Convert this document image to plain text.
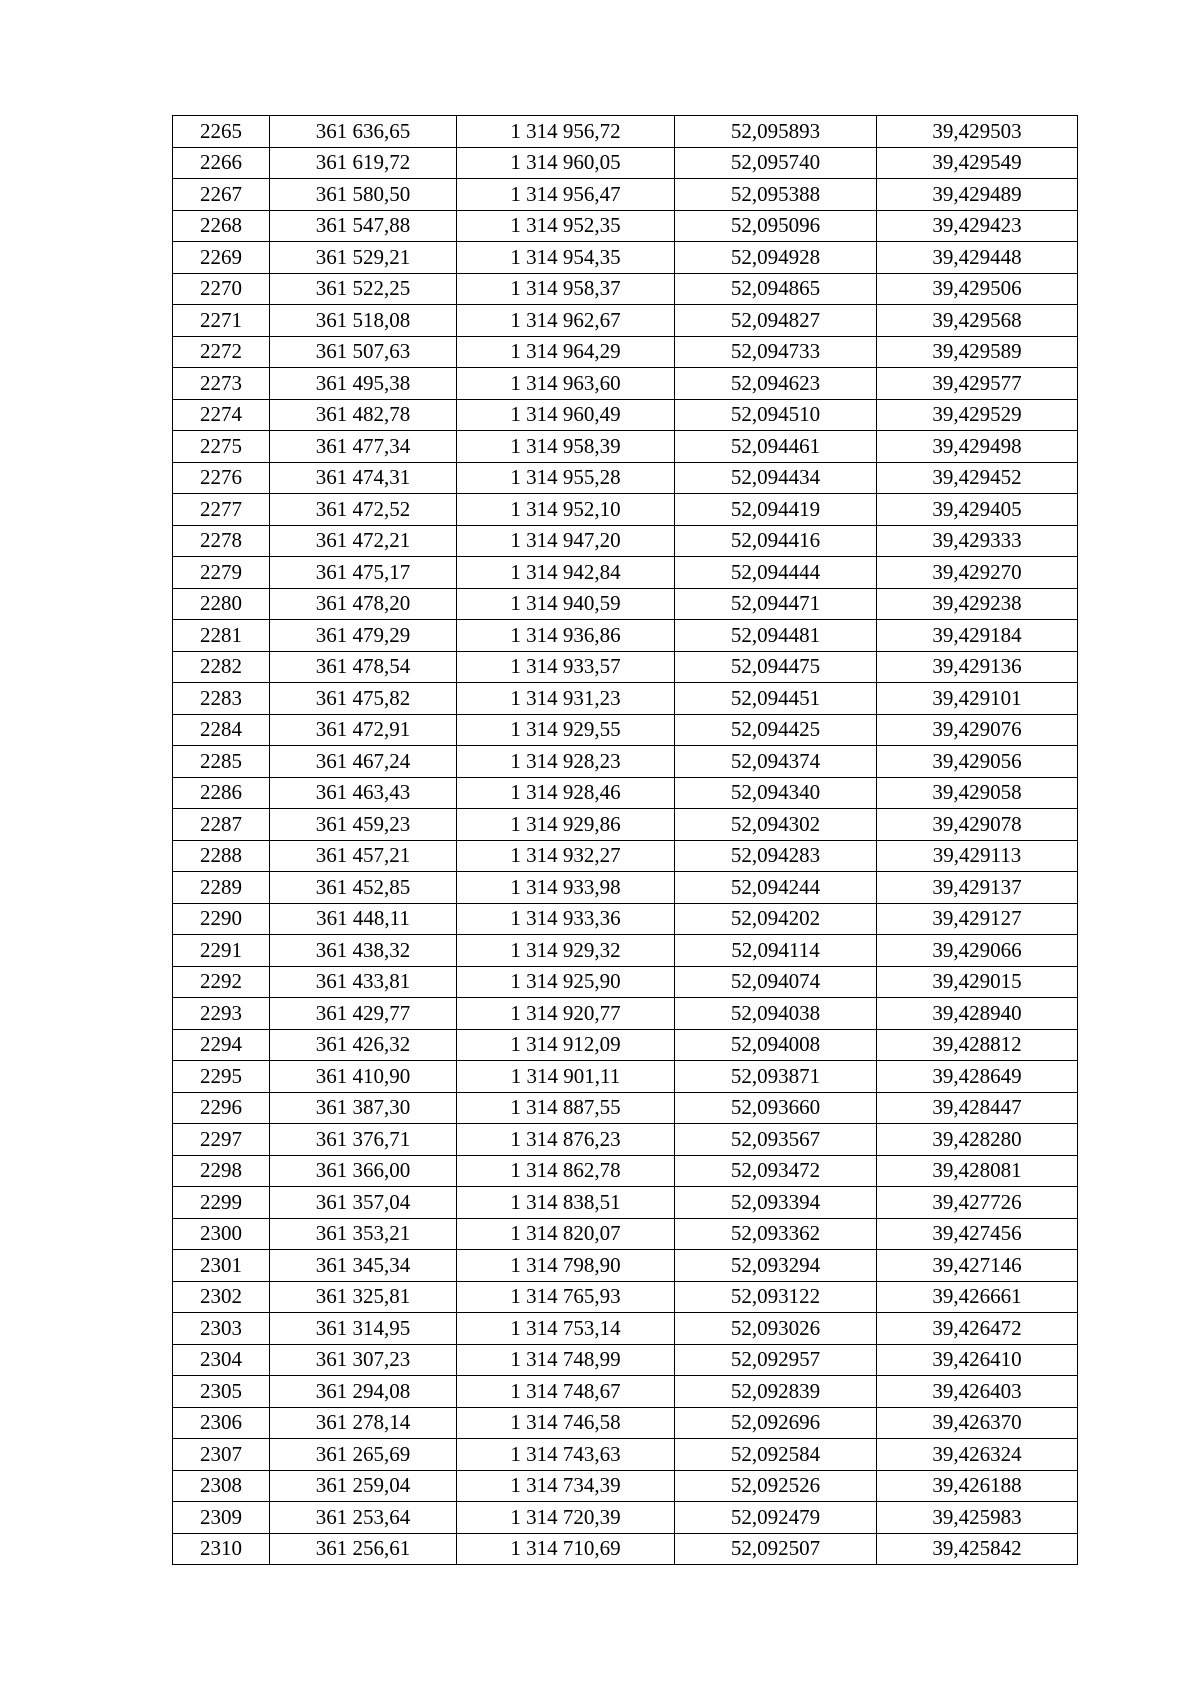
2265	361 636,65	1 314 956,72	52,095893	39,429503
2266	361 619,72	1 314 960,05	52,095740	39,429549
2267	361 580,50	1 314 956,47	52,095388	39,429489
2268	361 547,88	1 314 952,35	52,095096	39,429423
2269	361 529,21	1 314 954,35	52,094928	39,429448
2270	361 522,25	1 314 958,37	52,094865	39,429506
2271	361 518,08	1 314 962,67	52,094827	39,429568
2272	361 507,63	1 314 964,29	52,094733	39,429589
2273	361 495,38	1 314 963,60	52,094623	39,429577
2274	361 482,78	1 314 960,49	52,094510	39,429529
2275	361 477,34	1 314 958,39	52,094461	39,429498
2276	361 474,31	1 314 955,28	52,094434	39,429452
2277	361 472,52	1 314 952,10	52,094419	39,429405
2278	361 472,21	1 314 947,20	52,094416	39,429333
2279	361 475,17	1 314 942,84	52,094444	39,429270
2280	361 478,20	1 314 940,59	52,094471	39,429238
2281	361 479,29	1 314 936,86	52,094481	39,429184
2282	361 478,54	1 314 933,57	52,094475	39,429136
2283	361 475,82	1 314 931,23	52,094451	39,429101
2284	361 472,91	1 314 929,55	52,094425	39,429076
2285	361 467,24	1 314 928,23	52,094374	39,429056
2286	361 463,43	1 314 928,46	52,094340	39,429058
2287	361 459,23	1 314 929,86	52,094302	39,429078
2288	361 457,21	1 314 932,27	52,094283	39,429113
2289	361 452,85	1 314 933,98	52,094244	39,429137
2290	361 448,11	1 314 933,36	52,094202	39,429127
2291	361 438,32	1 314 929,32	52,094114	39,429066
2292	361 433,81	1 314 925,90	52,094074	39,429015
2293	361 429,77	1 314 920,77	52,094038	39,428940
2294	361 426,32	1 314 912,09	52,094008	39,428812
2295	361 410,90	1 314 901,11	52,093871	39,428649
2296	361 387,30	1 314 887,55	52,093660	39,428447
2297	361 376,71	1 314 876,23	52,093567	39,428280
2298	361 366,00	1 314 862,78	52,093472	39,428081
2299	361 357,04	1 314 838,51	52,093394	39,427726
2300	361 353,21	1 314 820,07	52,093362	39,427456
2301	361 345,34	1 314 798,90	52,093294	39,427146
2302	361 325,81	1 314 765,93	52,093122	39,426661
2303	361 314,95	1 314 753,14	52,093026	39,426472
2304	361 307,23	1 314 748,99	52,092957	39,426410
2305	361 294,08	1 314 748,67	52,092839	39,426403
2306	361 278,14	1 314 746,58	52,092696	39,426370
2307	361 265,69	1 314 743,63	52,092584	39,426324
2308	361 259,04	1 314 734,39	52,092526	39,426188
2309	361 253,64	1 314 720,39	52,092479	39,425983
2310	361 256,61	1 314 710,69	52,092507	39,425842
